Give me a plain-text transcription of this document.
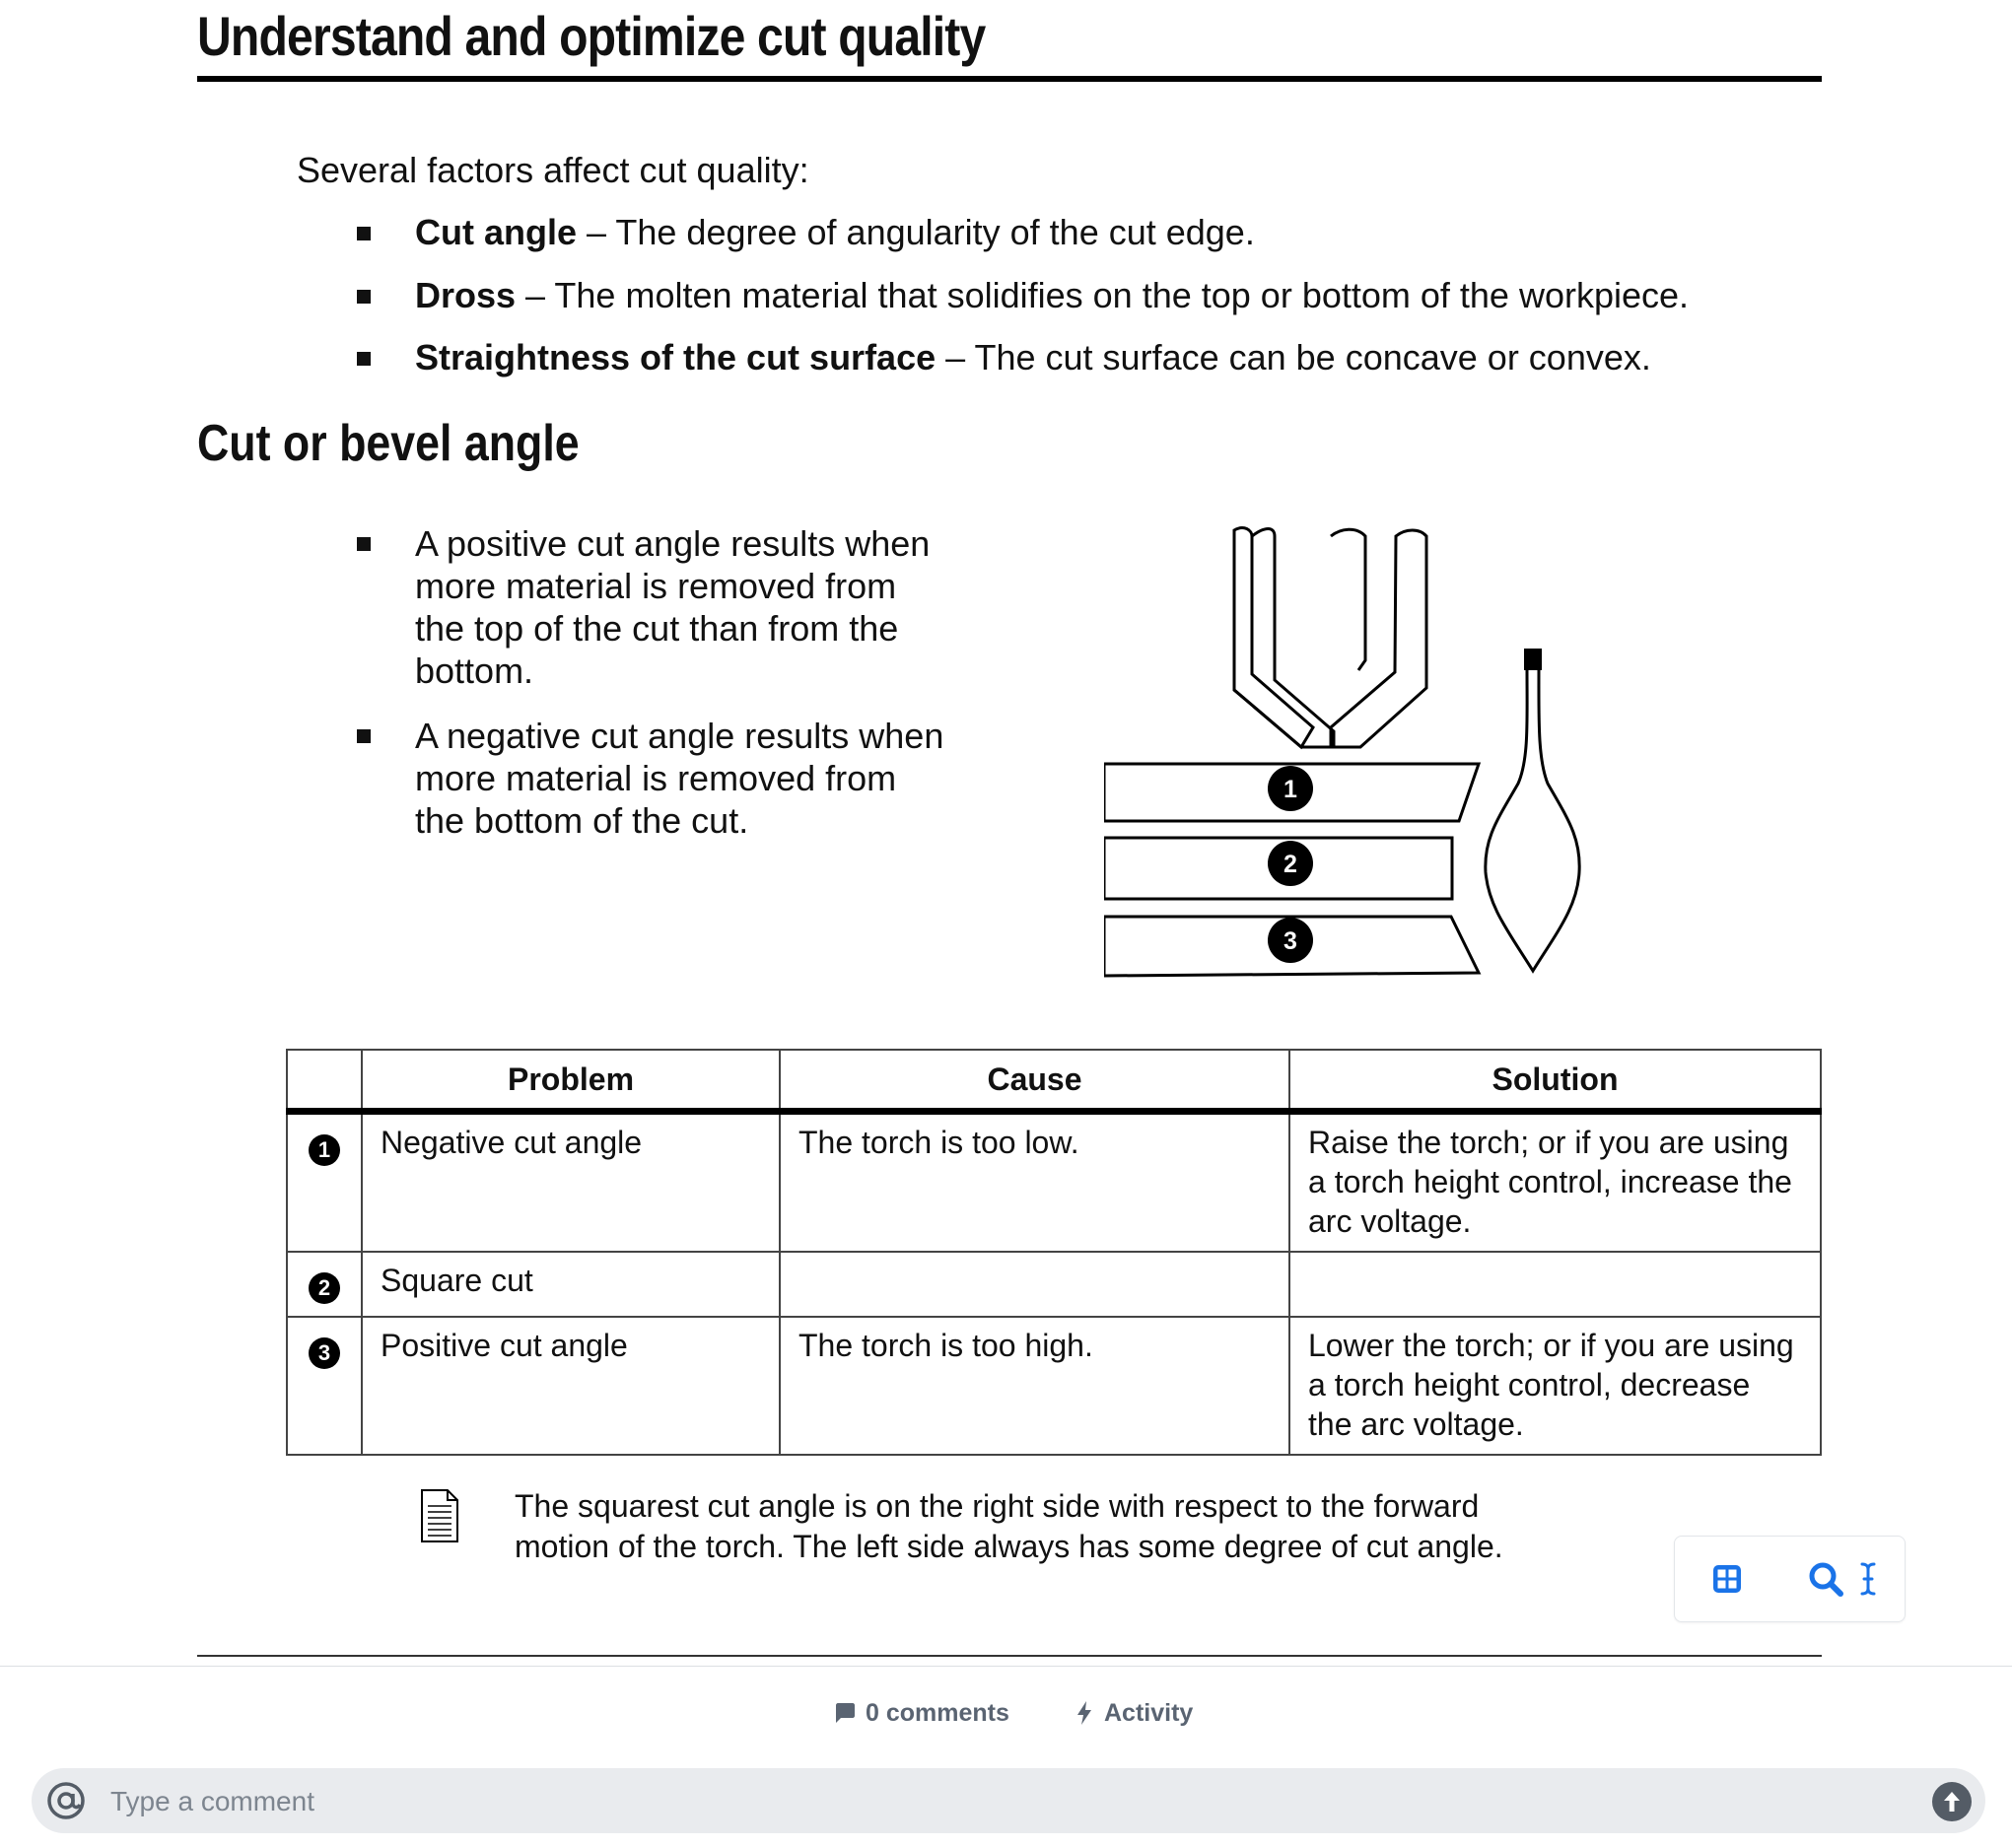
Understand and optimize cut quality
Several factors affect cut quality:
Cut angle – The degree of angularity of the cut edge.
Dross – The molten material that solidifies on the top or bottom of the workpiece.
Straightness of the cut surface – The cut surface can be concave or convex.
Cut or bevel angle
A positive cut angle results when
more material is removed from
the top of the cut than from the
bottom.
A negative cut angle results when
more material is removed from
the bottom of the cut.
1
2
3
	Problem	Cause	Solution
1	Negative cut angle	The torch is too low.	Raise the torch; or if you are using a torch height control, increase the arc voltage.
2	Square cut		
3	Positive cut angle	The torch is too high.	Lower the torch; or if you are using a torch height control, decrease the arc voltage.
The squarest cut angle is on the right side with respect to the forward
motion of the torch. The left side always has some degree of cut angle.
0 comments	Activity
Type a comment
